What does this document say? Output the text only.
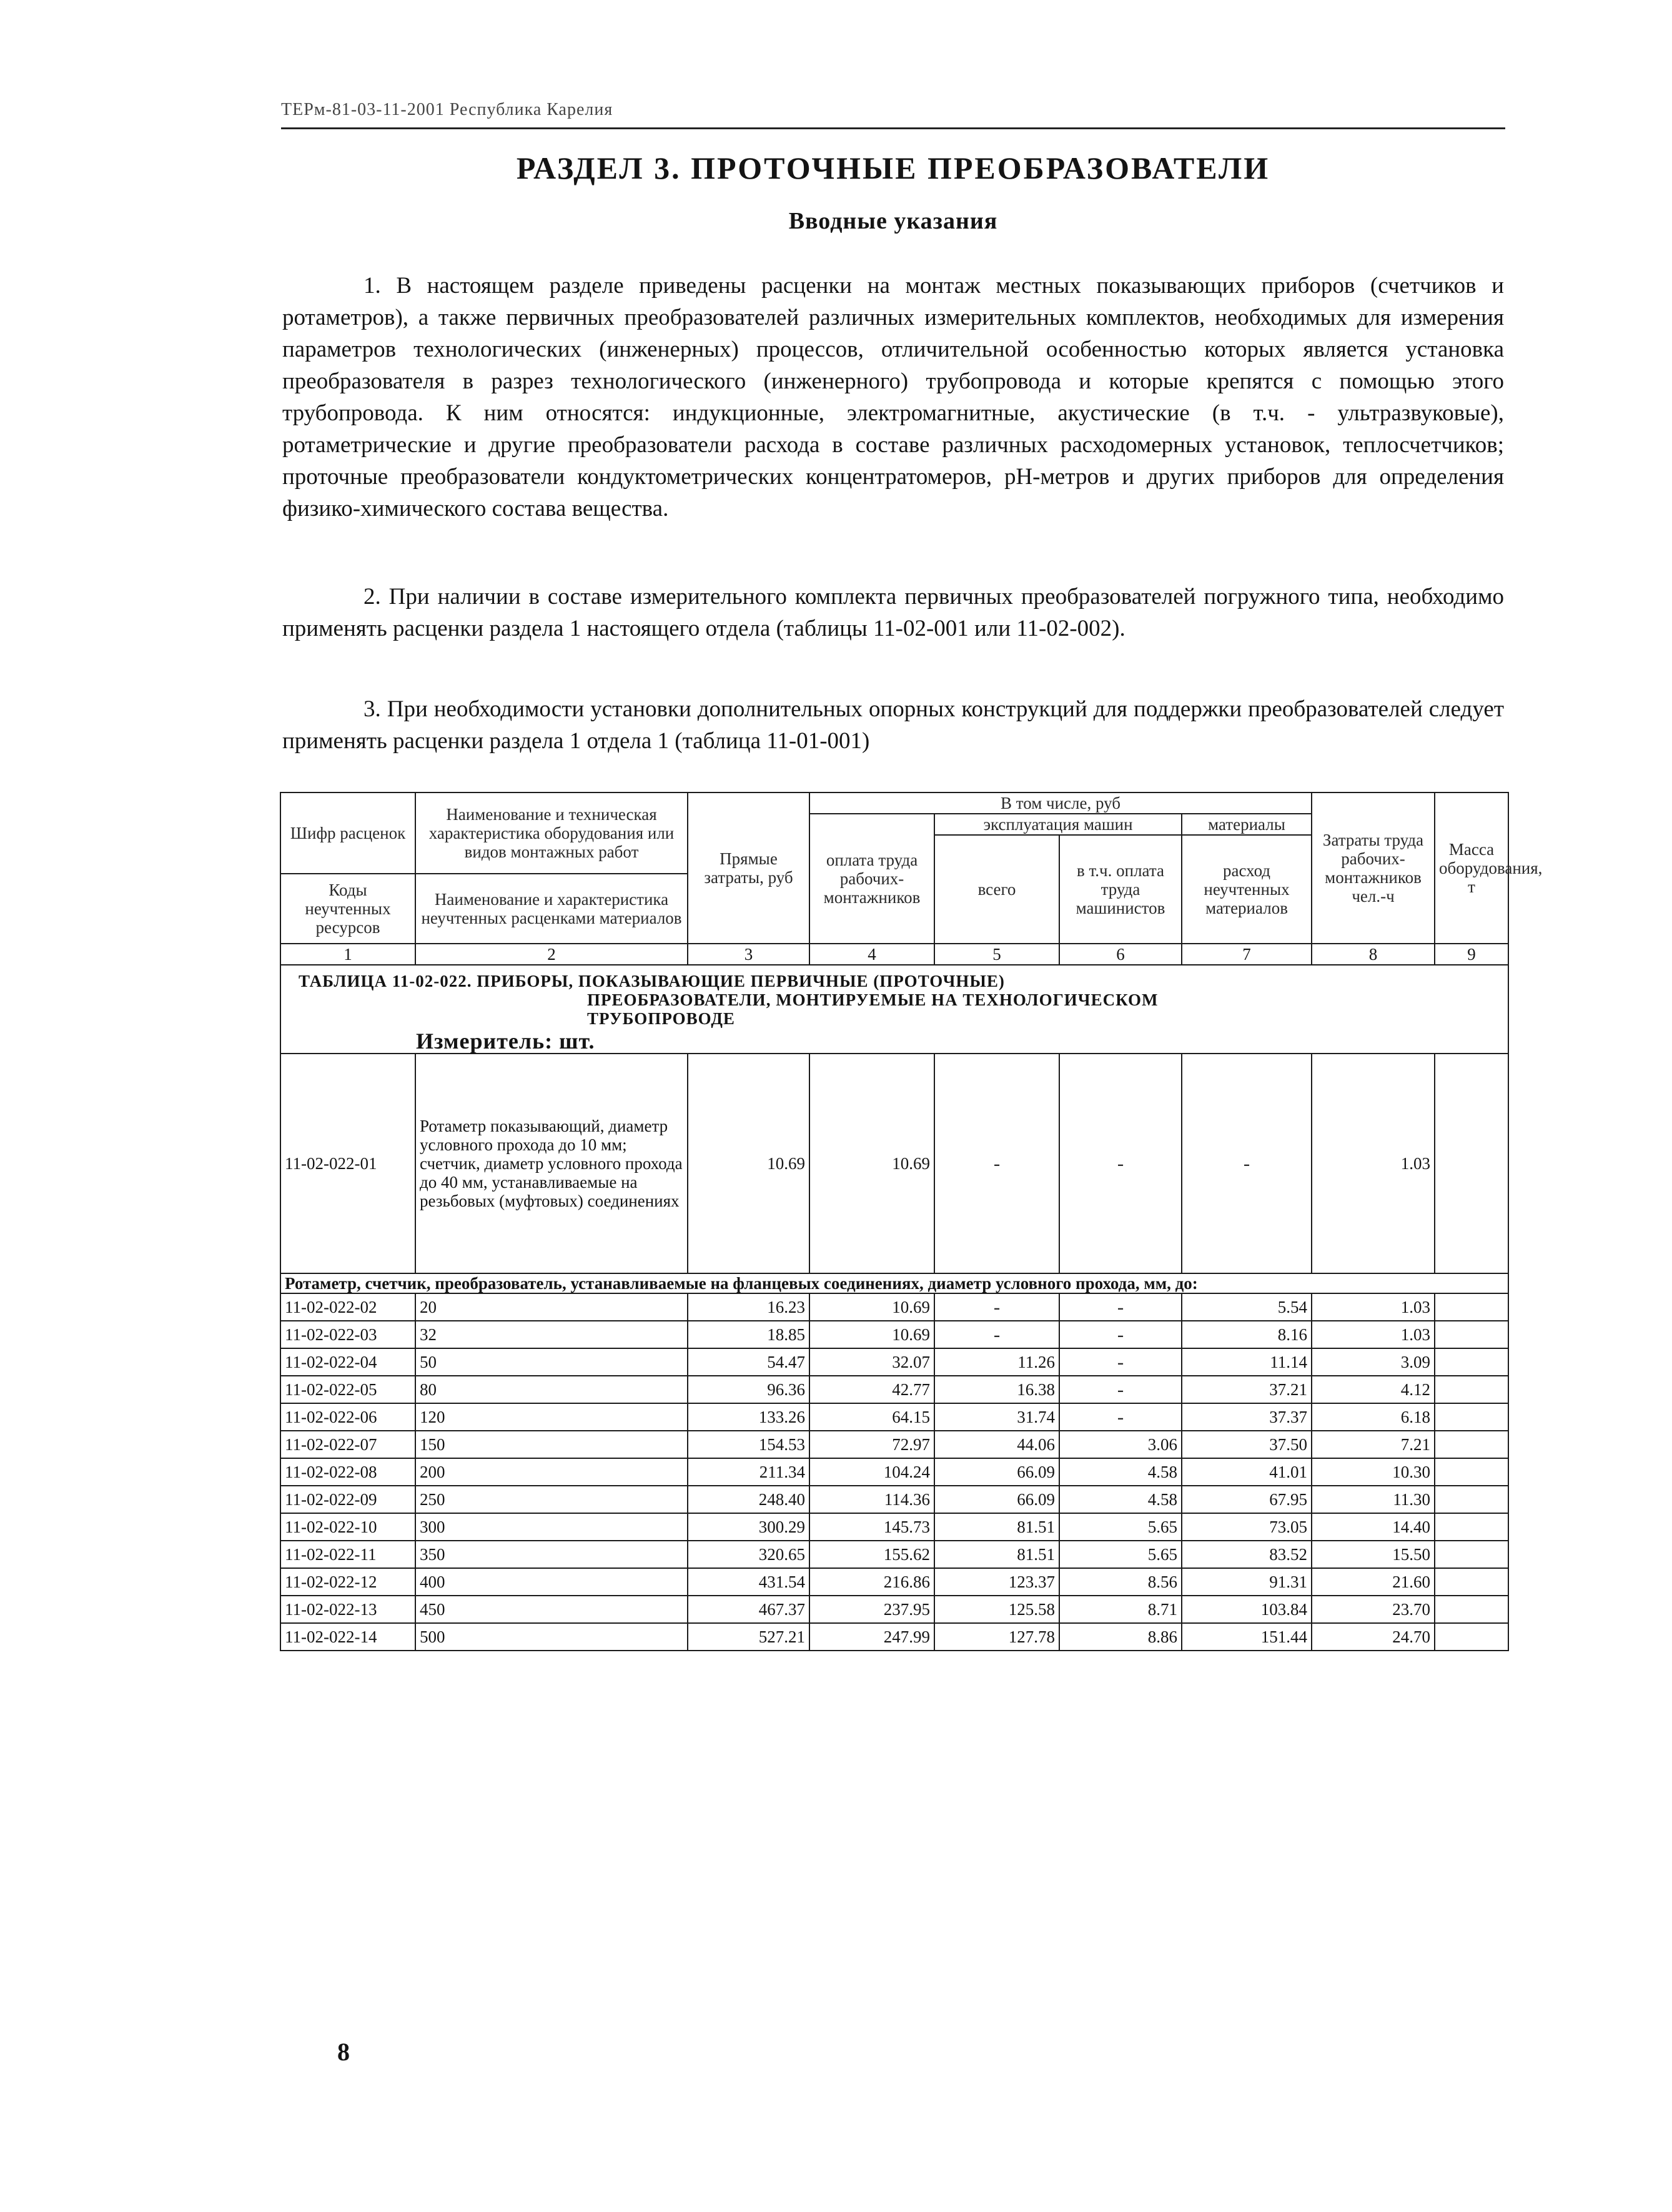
ТЕРм-81-03-11-2001 Республика Карелия
РАЗДЕЛ 3. ПРОТОЧНЫЕ ПРЕОБРАЗОВАТЕЛИ
Вводные указания

1. В настоящем разделе приведены расценки на монтаж местных показывающих приборов (счетчиков и ротаметров), а также первичных преобразователей различных измерительных комплектов, необходимых для измерения параметров технологических (инженерных) процессов, отличительной особенностью которых является установка преобразователя в разрез технологического (инженерного) трубопровода и которые крепятся с помощью этого трубопровода. К ним относятся: индукционные, электромагнитные, акустические (в т.ч. - ультразвуковые), ротаметрические и другие преобразователи расхода в составе различных расходомерных установок, теплосчетчиков; проточные преобразователи кондуктометрических концентратомеров, pH-метров и других приборов для определения физико-химического состава вещества.

2. При наличии в составе измерительного комплекта первичных преобразователей погружного типа, необходимо применять расценки раздела 1 настоящего отдела (таблицы 11-02-001 или 11-02-002).

3. При необходимости установки дополнительных опорных конструкций для поддержки преобразователей следует применять расценки раздела 1 отдела 1 (таблица 11-01-001)

Шифр расценок	Наименование и техническая характеристика оборудования или видов монтажных работ	Прямые затраты, руб	В том числе, руб				Затраты труда рабочих-монтажников чел.-ч	Масса оборудования, т
			оплата труда рабочих-монтажников	эксплуатация машин		материалы		
				всего	в т.ч. оплата труда машинистов	расход неучтенных материалов		
Коды неучтенных ресурсов	Наименование и характеристика неучтенных расценками материалов							

1	2	3	4	5	6	7	8	9

ТАБЛИЦА 11-02-022. ПРИБОРЫ, ПОКАЗЫВАЮЩИЕ ПЕРВИЧНЫЕ (ПРОТОЧНЫЕ)
ПРЕОБРАЗОВАТЕЛИ, МОНТИРУЕМЫЕ НА ТЕХНОЛОГИЧЕСКОМ
ТРУБОПРОВОДЕ
Измеритель: шт.								

11-02-022-01	Ротаметр показывающий, диаметр условного прохода до 10 мм; счетчик, диаметр условного прохода до 40 мм, устанавливаемые на резьбовых (муфтовых) соединениях	10.69	10.69	-	-	-	1.03	
Ротаметр, счетчик, преобразователь, устанавливаемые на фланцевых соединениях, диаметр условного прохода, мм, до:								
11-02-022-02	20	16.23	10.69	-	-	5.54	1.03	
11-02-022-03	32	18.85	10.69	-	-	8.16	1.03	
11-02-022-04	50	54.47	32.07	11.26	-	11.14	3.09	
11-02-022-05	80	96.36	42.77	16.38	-	37.21	4.12	
11-02-022-06	120	133.26	64.15	31.74	-	37.37	6.18	
11-02-022-07	150	154.53	72.97	44.06	3.06	37.50	7.21	
11-02-022-08	200	211.34	104.24	66.09	4.58	41.01	10.30	
11-02-022-09	250	248.40	114.36	66.09	4.58	67.95	11.30	
11-02-022-10	300	300.29	145.73	81.51	5.65	73.05	14.40	
11-02-022-11	350	320.65	155.62	81.51	5.65	83.52	15.50	
11-02-022-12	400	431.54	216.86	123.37	8.56	91.31	21.60	
11-02-022-13	450	467.37	237.95	125.58	8.71	103.84	23.70	
11-02-022-14	500	527.21	247.99	127.78	8.86	151.44	24.70	
8
